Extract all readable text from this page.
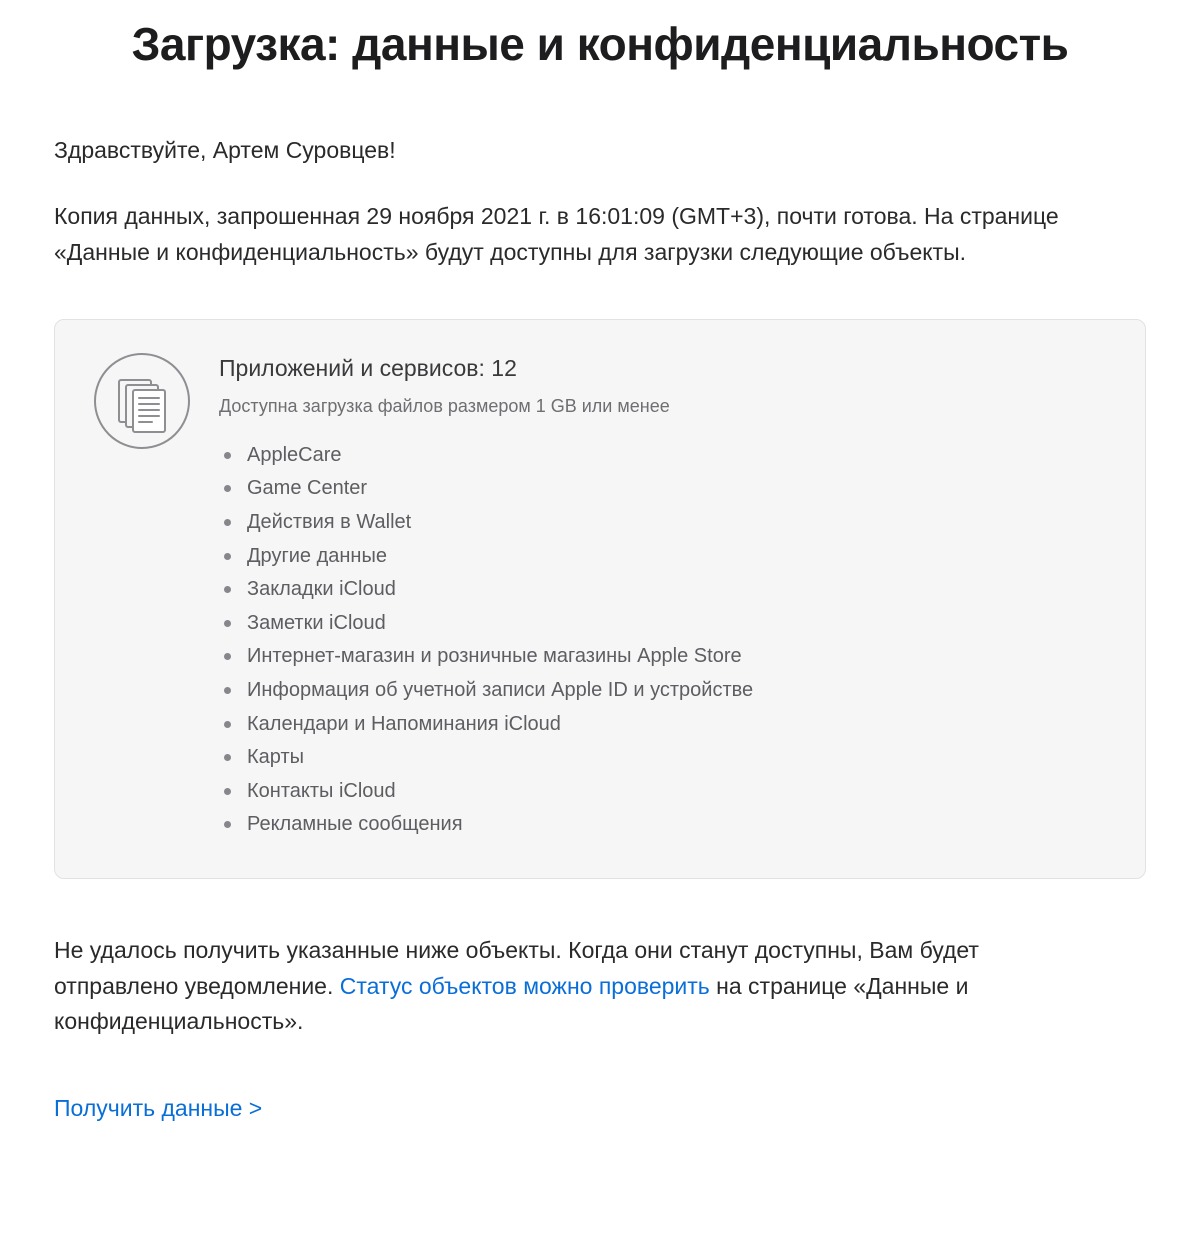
Загрузка: данные и конфиденциальность

Здравствуйте, Артем Суровцев!

Копия данных, запрошенная 29 ноября 2021 г. в 16:01:09 (GMT+3), почти готова. На странице «Данные и конфиденциальность» будут доступны для загрузки следующие объекты.

Приложений и сервисов: 12

Доступна загрузка файлов размером 1 GB или менее

AppleCare
Game Center
Действия в Wallet
Другие данные
Закладки iCloud
Заметки iCloud
Интернет-магазин и розничные магазины Apple Store
Информация об учетной записи Apple ID и устройстве
Календари и Напоминания iCloud
Карты
Контакты iCloud
Рекламные сообщения

Не удалось получить указанные ниже объекты. Когда они станут доступны, Вам будет отправлено уведомление. Статус объектов можно проверить на странице «Данные и конфиденциальность».

Получить данные >
